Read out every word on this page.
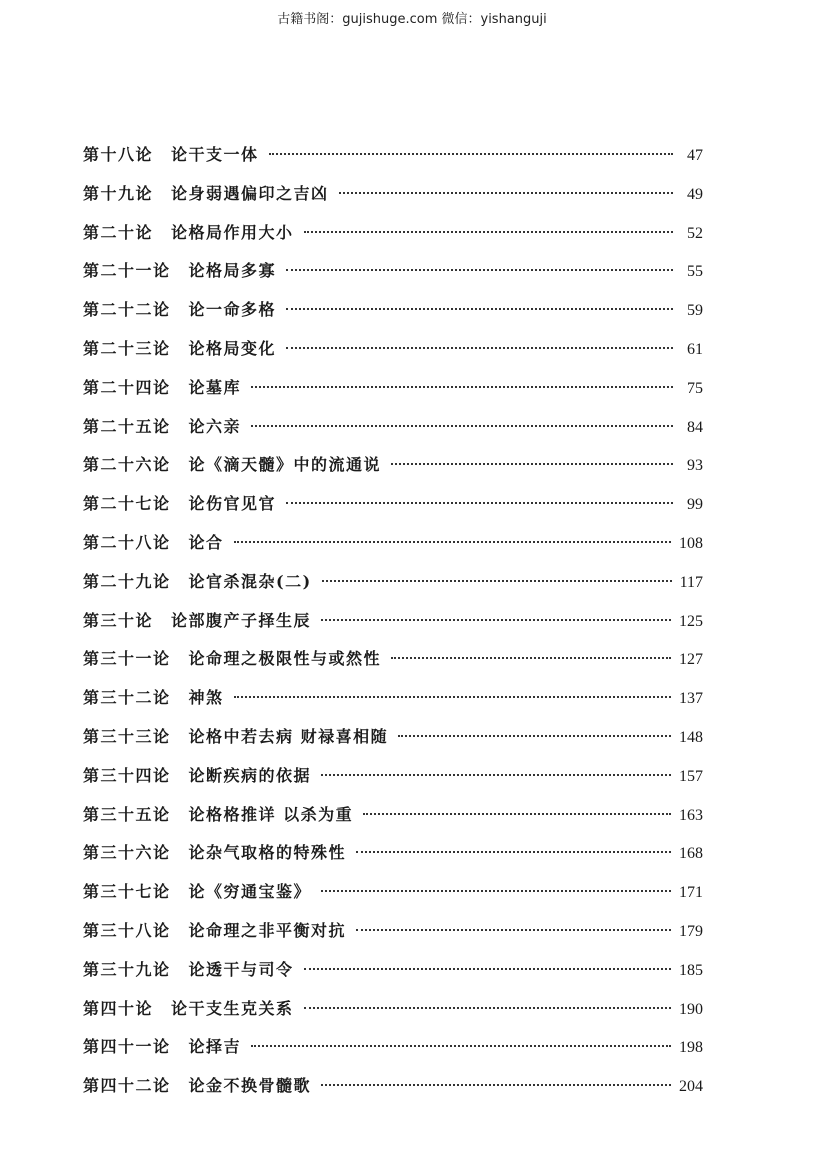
古籍书阁：gujishuge.com 微信：yishanguji
第十八论 论干支一体	47
第十九论 论身弱遇偏印之吉凶	49
第二十论 论格局作用大小	52
第二十一论 论格局多寡	55
第二十二论 论一命多格	59
第二十三论 论格局变化	61
第二十四论 论墓库	75
第二十五论 论六亲	84
第二十六论 论《滴天髓》中的流通说	93
第二十七论 论伤官见官	99
第二十八论 论合	108
第二十九论 论官杀混杂(二)	117
第三十论 论部腹产子择生辰	125
第三十一论 论命理之极限性与或然性	127
第三十二论 神煞	137
第三十三论 论格中若去病 财禄喜相随	148
第三十四论 论断疾病的依据	157
第三十五论 论格格推详 以杀为重	163
第三十六论 论杂气取格的特殊性	168
第三十七论 论《穷通宝鉴》	171
第三十八论 论命理之非平衡对抗	179
第三十九论 论透干与司令	185
第四十论 论干支生克关系	190
第四十一论 论择吉	198
第四十二论 论金不换骨髓歌	204
